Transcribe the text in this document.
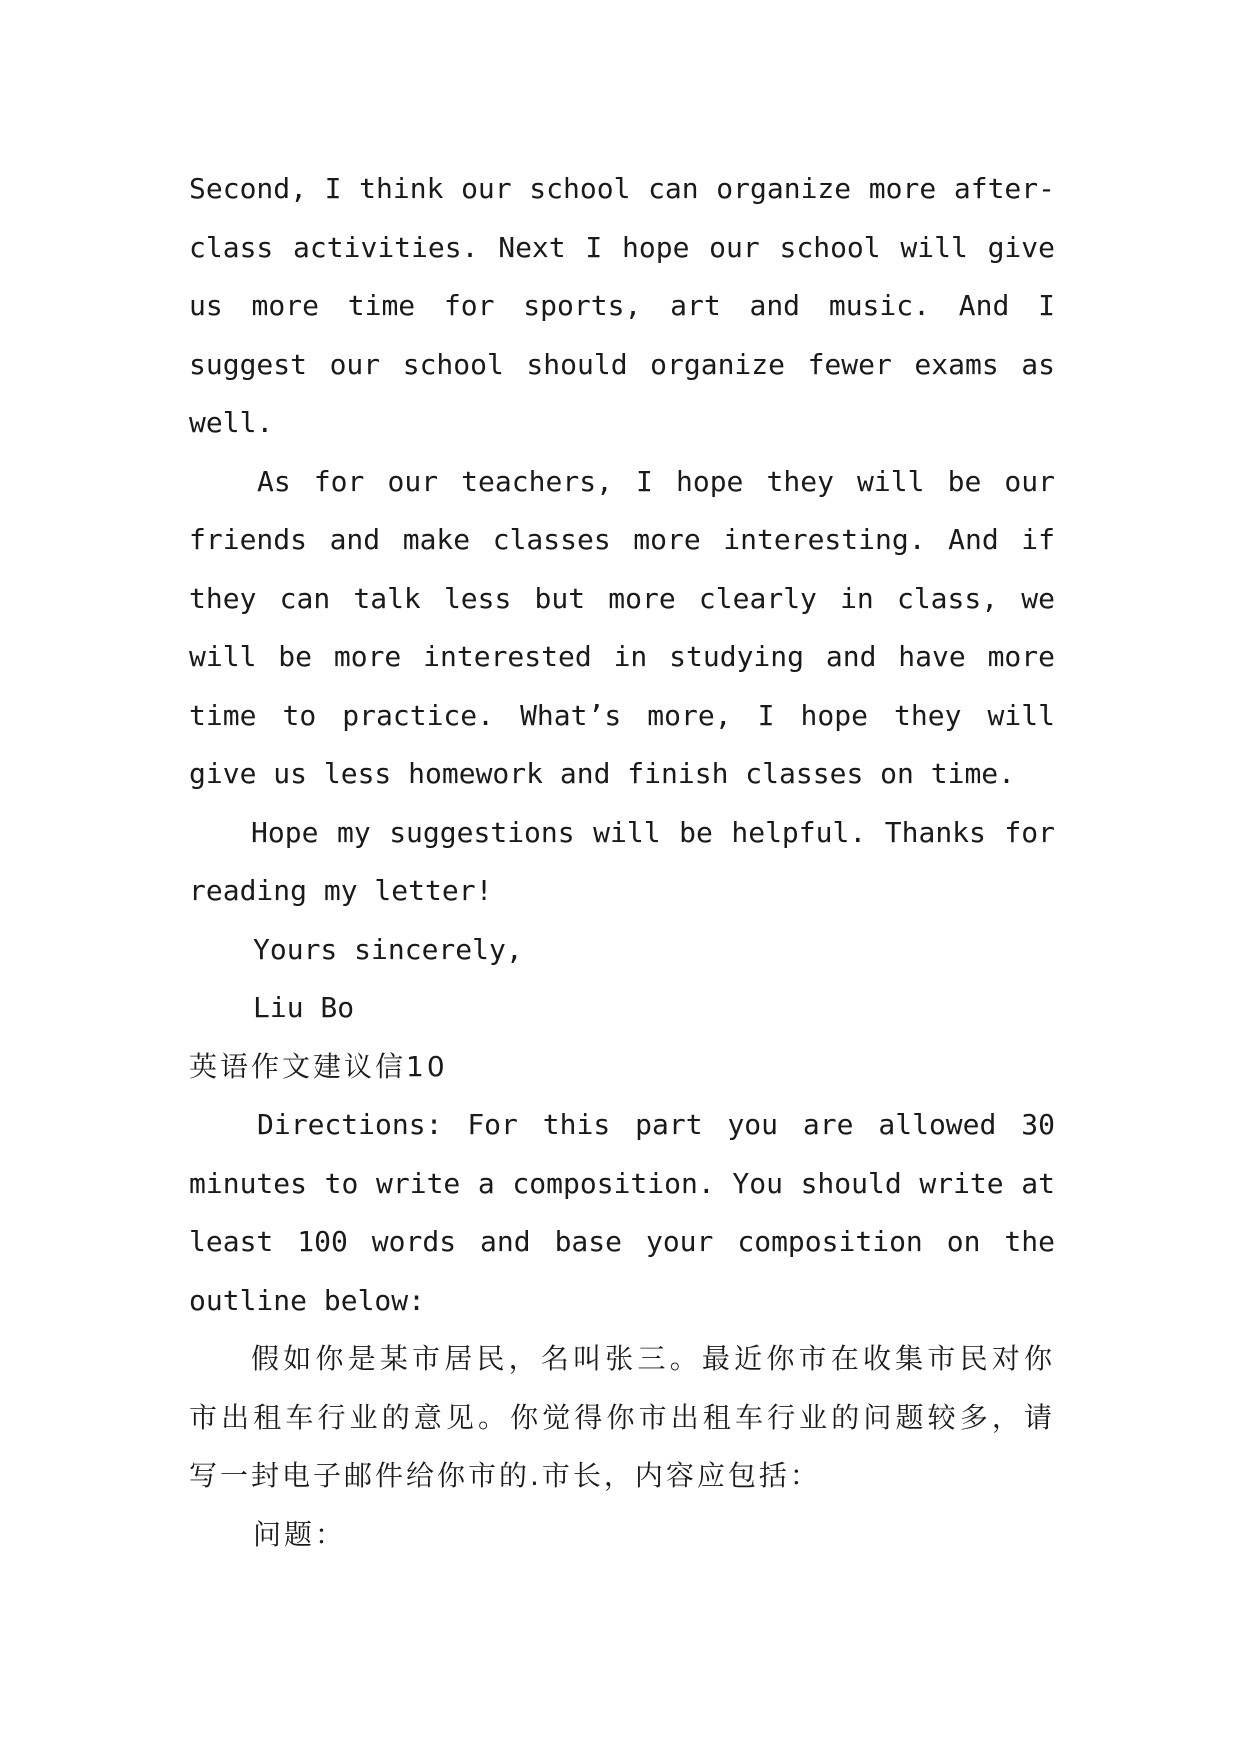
Second, I think our school can organize more after-class activities. Next I hope our school will give us more time for sports, art and music. And I suggest our school should organize fewer exams as well.

As for our teachers, I hope they will be our friends and make classes more interesting. And if they can talk less but more clearly in class, we will be more interested in studying and have more time to practice. What’s more, I hope they will give us less homework and finish classes on time.

Hope my suggestions will be helpful. Thanks for reading my letter!

Yours sincerely,

Liu Bo

英语作文建议信10

Directions: For this part you are allowed 30 minutes to write a composition. You should write at least 100 words and base your composition on the outline below:

假如你是某市居民，名叫张三。最近你市在收集市民对你市出租车行业的意见。你觉得你市出租车行业的问题较多，请写一封电子邮件给你市的.市长，内容应包括：

问题：
